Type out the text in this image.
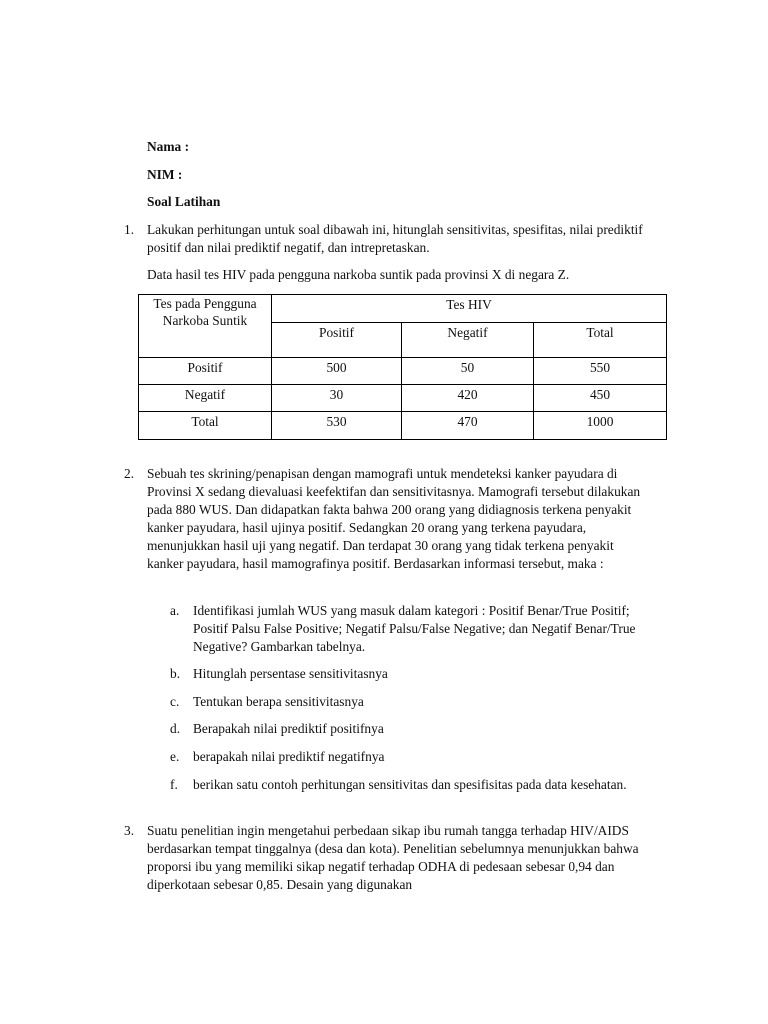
Nama :
NIM :
Soal Latihan
1. Lakukan perhitungan untuk soal dibawah ini, hitunglah sensitivitas, spesifitas, nilai prediktif positif dan nilai prediktif negatif, dan intrepretaskan.

Data hasil tes HIV pada pengguna narkoba suntik pada provinsi X di negara Z.

Tes pada Pengguna Narkoba Suntik	Tes HIV		
	Positif	Negatif	Total
Positif	500	50	550
Negatif	30	420	450
Total	530	470	1000
2. Sebuah tes skrining/penapisan dengan mamografi untuk mendeteksi kanker payudara di Provinsi X sedang dievaluasi keefektifan dan sensitivitasnya. Mamografi tersebut dilakukan pada 880 WUS. Dan didapatkan fakta bahwa 200 orang yang didiagnosis terkena penyakit kanker payudara, hasil ujinya positif. Sedangkan 20 orang yang terkena payudara, menunjukkan hasil uji yang negatif. Dan terdapat 30 orang yang tidak terkena penyakit kanker payudara, hasil mamografinya positif. Berdasarkan informasi tersebut, maka :

a. Identifikasi jumlah WUS yang masuk dalam kategori : Positif Benar/True Positif; Positif Palsu False Positive; Negatif Palsu/False Negative; dan Negatif Benar/True Negative? Gambarkan tabelnya.
b. Hitunglah persentase sensitivitasnya
c. Tentukan berapa sensitivitasnya
d. Berapakah nilai prediktif positifnya
e. berapakah nilai prediktif negatifnya
f. berikan satu contoh perhitungan sensitivitas dan spesifisitas pada data kesehatan.
3. Suatu penelitian ingin mengetahui perbedaan sikap ibu rumah tangga terhadap HIV/AIDS berdasarkan tempat tinggalnya (desa dan kota). Penelitian sebelumnya menunjukkan bahwa proporsi ibu yang memiliki sikap negatif terhadap ODHA di pedesaan sebesar 0,94 dan diperkotaan sebesar 0,85. Desain yang digunakan
